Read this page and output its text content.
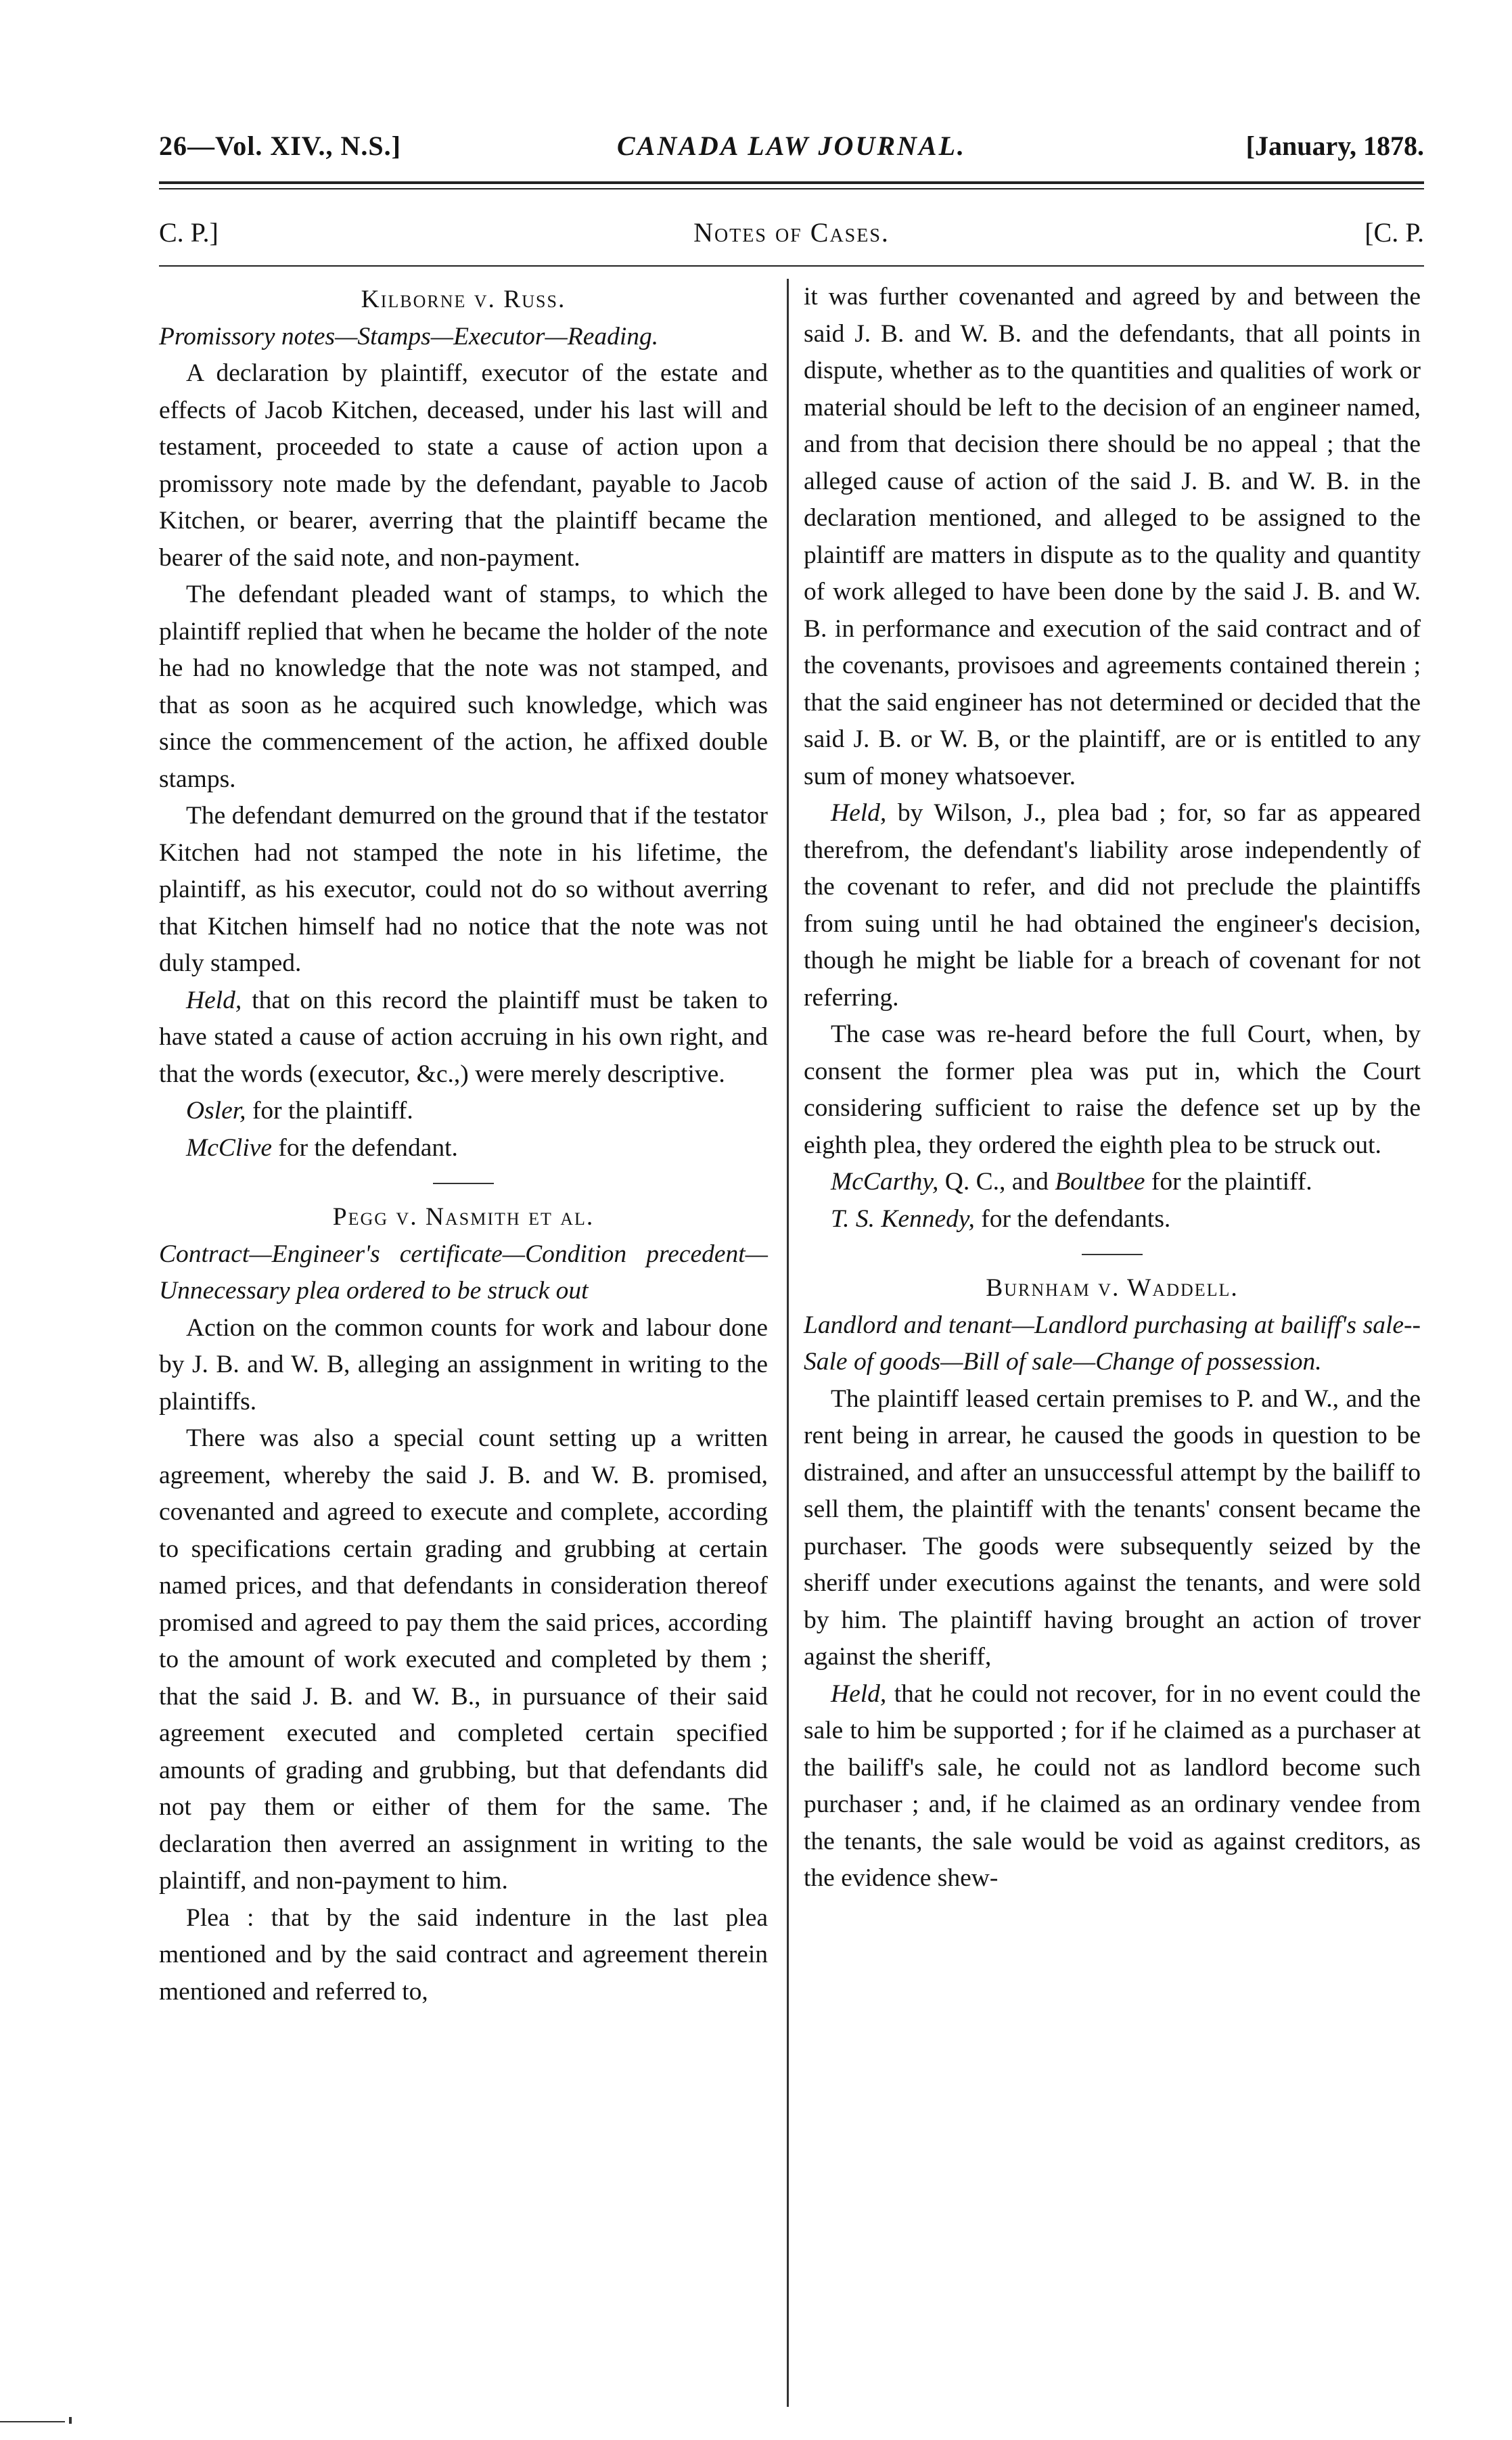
26—Vol. XIV., N.S.]	CANADA LAW JOURNAL.	[January, 1878.
C. P.]	Notes of Cases.	[C. P.

Kilborne v. Russ.

Promissory notes—Stamps—Executor—Reading.

A declaration by plaintiff, executor of the estate and effects of Jacob Kitchen, deceased, under his last will and testament, proceeded to state a cause of action upon a promissory note made by the defendant, payable to Jacob Kitchen, or bearer, averring that the plaintiff became the bearer of the said note, and non-payment.

The defendant pleaded want of stamps, to which the plaintiff replied that when he became the holder of the note he had no knowledge that the note was not stamped, and that as soon as he acquired such knowledge, which was since the commencement of the action, he affixed double stamps.

The defendant demurred on the ground that if the testator Kitchen had not stamped the note in his lifetime, the plaintiff, as his executor, could not do so without averring that Kitchen himself had no notice that the note was not duly stamped.

Held, that on this record the plaintiff must be taken to have stated a cause of action accruing in his own right, and that the words (executor, &c.,) were merely descriptive.

Osler, for the plaintiff.

McClive for the defendant.

Pegg v. Nasmith et al.

Contract—Engineer's certificate—Condition precedent— Unnecessary plea ordered to be struck out

Action on the common counts for work and labour done by J. B. and W. B, alleging an assignment in writing to the plaintiffs.

There was also a special count setting up a written agreement, whereby the said J. B. and W. B. promised, covenanted and agreed to execute and complete, according to specifications certain grading and grubbing at certain named prices, and that defendants in consideration thereof promised and agreed to pay them the said prices, according to the amount of work executed and completed by them ; that the said J. B. and W. B., in pursuance of their said agreement executed and completed certain specified amounts of grading and grubbing, but that defendants did not pay them or either of them for the same. The declaration then averred an assignment in writing to the plaintiff, and non-payment to him.

Plea : that by the said indenture in the last plea mentioned and by the said contract and agreement therein mentioned and referred to,

it was further covenanted and agreed by and between the said J. B. and W. B. and the defendants, that all points in dispute, whether as to the quantities and qualities of work or material should be left to the decision of an engineer named, and from that decision there should be no appeal ; that the alleged cause of action of the said J. B. and W. B. in the declaration mentioned, and alleged to be assigned to the plaintiff are matters in dispute as to the quality and quantity of work alleged to have been done by the said J. B. and W. B. in performance and execution of the said contract and of the covenants, provisoes and agreements contained therein ; that the said engineer has not determined or decided that the said J. B. or W. B, or the plaintiff, are or is entitled to any sum of money whatsoever.

Held, by Wilson, J., plea bad ; for, so far as appeared therefrom, the defendant's liability arose independently of the covenant to refer, and did not preclude the plaintiffs from suing until he had obtained the engineer's decision, though he might be liable for a breach of covenant for not referring.

The case was re-heard before the full Court, when, by consent the former plea was put in, which the Court considering sufficient to raise the defence set up by the eighth plea, they ordered the eighth plea to be struck out.

McCarthy, Q. C., and Boultbee for the plaintiff.

T. S. Kennedy, for the defendants.

Burnham v. Waddell.

Landlord and tenant—Landlord purchasing at bailiff's sale--Sale of goods—Bill of sale—Change of possession.

The plaintiff leased certain premises to P. and W., and the rent being in arrear, he caused the goods in question to be distrained, and after an unsuccessful attempt by the bailiff to sell them, the plaintiff with the tenants' consent became the purchaser. The goods were subsequently seized by the sheriff under executions against the tenants, and were sold by him. The plaintiff having brought an action of trover against the sheriff,

Held, that he could not recover, for in no event could the sale to him be supported ; for if he claimed as a purchaser at the bailiff's sale, he could not as landlord become such purchaser ; and, if he claimed as an ordinary vendee from the tenants, the sale would be void as against creditors, as the evidence shew-
